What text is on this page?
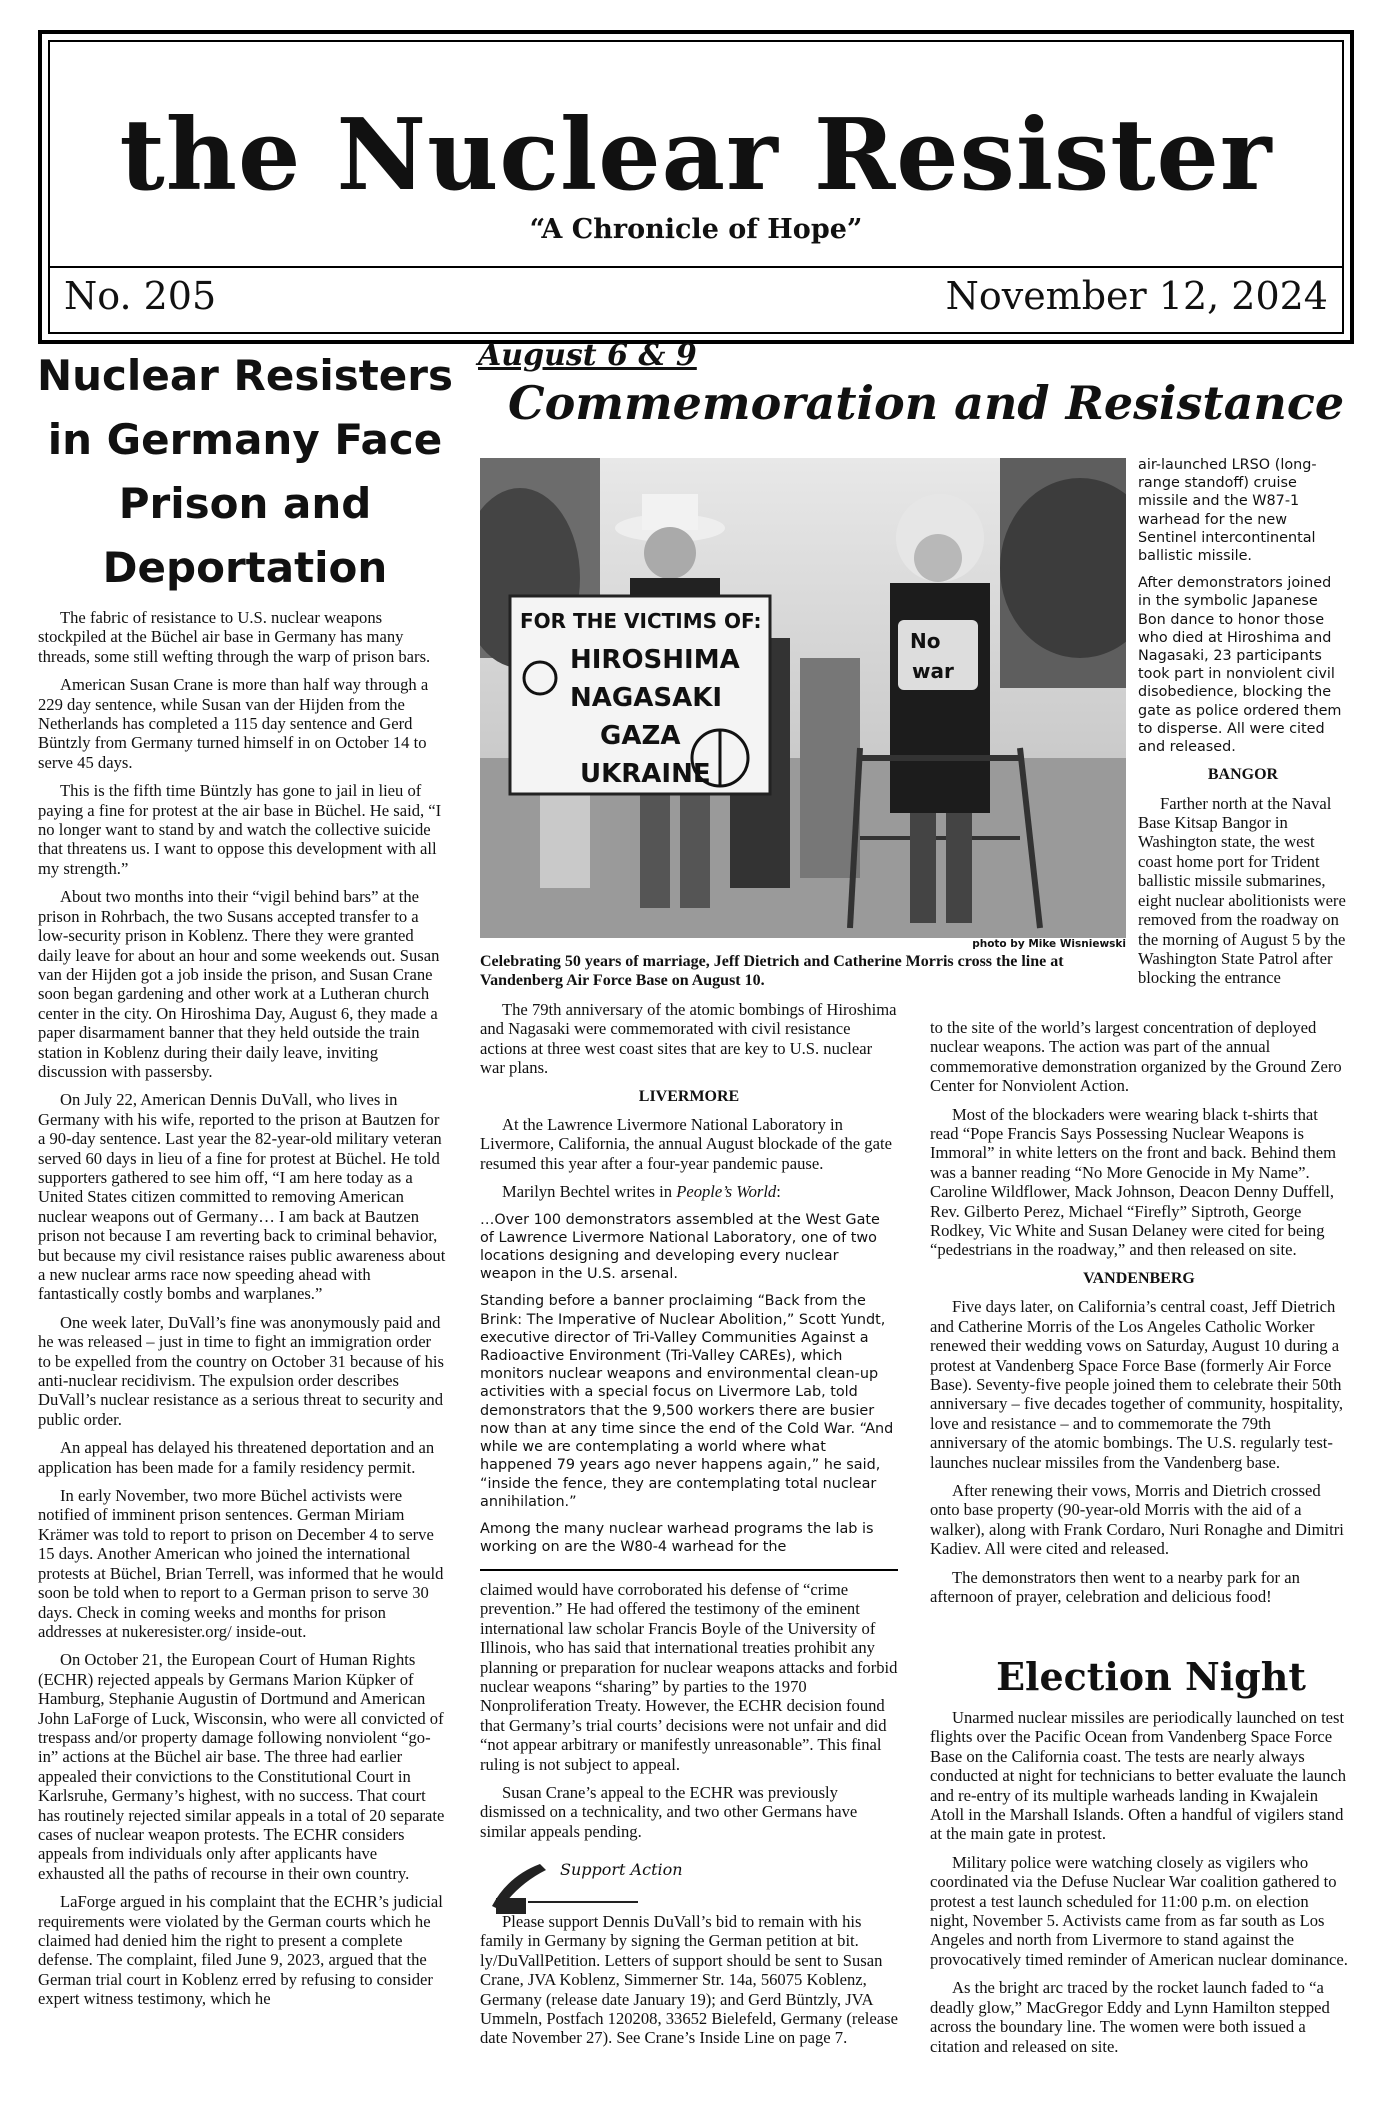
the Nuclear Resister
“A Chronicle of Hope”
No. 205	November 12, 2024
Nuclear Resisters in Germany Face Prison and Deportation

The fabric of resistance to U.S. nuclear weapons stockpiled at the Büchel air base in Germany has many threads, some still wefting through the warp of prison bars.

American Susan Crane is more than half way through a 229 day sentence, while Susan van der Hijden from the Netherlands has completed a 115 day sentence and Gerd Büntzly from Germany turned himself in on October 14 to serve 45 days.

This is the fifth time Büntzly has gone to jail in lieu of paying a fine for protest at the air base in Büchel. He said, “I no longer want to stand by and watch the collective suicide that threatens us. I want to oppose this development with all my strength.”

About two months into their “vigil behind bars” at the prison in Rohrbach, the two Susans accepted transfer to a low-security prison in Koblenz. There they were granted daily leave for about an hour and some weekends out. Susan van der Hijden got a job inside the prison, and Susan Crane soon began gardening and other work at a Lutheran church center in the city. On Hiroshima Day, August 6, they made a paper disarmament banner that they held outside the train station in Koblenz during their daily leave, inviting discussion with passersby.

On July 22, American Dennis DuVall, who lives in Germany with his wife, reported to the prison at Bautzen for a 90-day sentence. Last year the 82-year-old military veteran served 60 days in lieu of a fine for protest at Büchel. He told supporters gathered to see him off, “I am here today as a United States citizen committed to removing American nuclear weapons out of Germany… I am back at Bautzen prison not because I am reverting back to criminal behavior, but because my civil resistance raises public awareness about a new nuclear arms race now speeding ahead with fantastically costly bombs and warplanes.”

One week later, DuVall’s fine was anonymously paid and he was released – just in time to fight an immigration order to be expelled from the country on October 31 because of his anti-nuclear recidivism. The expulsion order describes DuVall’s nuclear resistance as a serious threat to security and public order.

An appeal has delayed his threatened deportation and an application has been made for a family residency permit.

In early November, two more Büchel activists were notified of imminent prison sentences. German Miriam Krämer was told to report to prison on December 4 to serve 15 days. Another American who joined the international protests at Büchel, Brian Terrell, was informed that he would soon be told when to report to a German prison to serve 30 days. Check in coming weeks and months for prison addresses at nukeresister.org/ inside-out.

On October 21, the European Court of Human Rights (ECHR) rejected appeals by Germans Marion Küpker of Hamburg, Stephanie Augustin of Dortmund and American John LaForge of Luck, Wisconsin, who were all convicted of trespass and/or property damage following nonviolent “go-in” actions at the Büchel air base. The three had earlier appealed their convictions to the Constitutional Court in Karlsruhe, Germany’s highest, with no success. That court has routinely rejected similar appeals in a total of 20 separate cases of nuclear weapon protests. The ECHR considers appeals from individuals only after applicants have exhausted all the paths of recourse in their own country.

LaForge argued in his complaint that the ECHR’s judicial requirements were violated by the German courts which he claimed had denied him the right to present a complete defense. The complaint, filed June 9, 2023, argued that the German trial court in Koblenz erred by refusing to consider expert witness testimony, which he

August 6 & 9
Commemoration and Resistance
FOR THE VICTIMS OF:
HIROSHIMA
NAGASAKI
GAZA
UKRAINE
No
war
photo by Mike Wisniewski
Celebrating 50 years of marriage, Jeff Dietrich and Catherine Morris cross the line at Vandenberg Air Force Base on August 10.

The 79th anniversary of the atomic bombings of Hiroshima and Nagasaki were commemorated with civil resistance actions at three west coast sites that are key to U.S. nuclear war plans.

LIVERMORE

At the Lawrence Livermore National Laboratory in Livermore, California, the annual August blockade of the gate resumed this year after a four-year pandemic pause.

Marilyn Bechtel writes in People’s World:

…Over 100 demonstrators assembled at the West Gate of Lawrence Livermore National Laboratory, one of two locations designing and developing every nuclear weapon in the U.S. arsenal.

Standing before a banner proclaiming “Back from the Brink: The Imperative of Nuclear Abolition,” Scott Yundt, executive director of Tri-Valley Communities Against a Radioactive Environment (Tri-Valley CAREs), which monitors nuclear weapons and environmental clean-up activities with a special focus on Livermore Lab, told demonstrators that the 9,500 workers there are busier now than at any time since the end of the Cold War. “And while we are contemplating a world where what happened 79 years ago never happens again,” he said, “inside the fence, they are contemplating total nuclear annihilation.”

Among the many nuclear warhead programs the lab is working on are the W80-4 warhead for the

claimed would have corroborated his defense of “crime prevention.” He had offered the testimony of the eminent international law scholar Francis Boyle of the University of Illinois, who has said that international treaties prohibit any planning or preparation for nuclear weapons attacks and forbid nuclear weapons “sharing” by parties to the 1970 Nonproliferation Treaty. However, the ECHR decision found that Germany’s trial courts’ decisions were not unfair and did “not appear arbitrary or manifestly unreasonable”. This final ruling is not subject to appeal.

Susan Crane’s appeal to the ECHR was previously dismissed on a technicality, and two other Germans have similar appeals pending.

Support Action

Please support Dennis DuVall’s bid to remain with his family in Germany by signing the German petition at bit. ly/DuVallPetition. Letters of support should be sent to Susan Crane, JVA Koblenz, Simmerner Str. 14a, 56075 Koblenz, Germany (release date January 19); and Gerd Büntzly, JVA Ummeln, Postfach 120208, 33652 Bielefeld, Germany (release date November 27). See Crane’s Inside Line on page 7.

air-launched LRSO (long-range standoff) cruise missile and the W87-1 warhead for the new Sentinel intercontinental ballistic missile.

After demonstrators joined in the symbolic Japanese Bon dance to honor those who died at Hiroshima and Nagasaki, 23 participants took part in nonviolent civil disobedience, blocking the gate as police ordered them to disperse. All were cited and released.

BANGOR

Farther north at the Naval Base Kitsap Bangor in Washington state, the west coast home port for Trident ballistic missile submarines, eight nuclear abolitionists were removed from the roadway on the morning of August 5 by the Washington State Patrol after blocking the entrance

to the site of the world’s largest concentration of deployed nuclear weapons. The action was part of the annual commemorative demonstration organized by the Ground Zero Center for Nonviolent Action.

Most of the blockaders were wearing black t-shirts that read “Pope Francis Says Possessing Nuclear Weapons is Immoral” in white letters on the front and back. Behind them was a banner reading “No More Genocide in My Name”. Caroline Wildflower, Mack Johnson, Deacon Denny Duffell, Rev. Gilberto Perez, Michael “Firefly” Siptroth, George Rodkey, Vic White and Susan Delaney were cited for being “pedestrians in the roadway,” and then released on site.

VANDENBERG

Five days later, on California’s central coast, Jeff Dietrich and Catherine Morris of the Los Angeles Catholic Worker renewed their wedding vows on Saturday, August 10 during a protest at Vandenberg Space Force Base (formerly Air Force Base). Seventy-five people joined them to celebrate their 50th anniversary – five decades together of community, hospitality, love and resistance – and to commemorate the 79th anniversary of the atomic bombings. The U.S. regularly test-launches nuclear missiles from the Vandenberg base.

After renewing their vows, Morris and Dietrich crossed onto base property (90-year-old Morris with the aid of a walker), along with Frank Cordaro, Nuri Ronaghe and Dimitri Kadiev. All were cited and released.

The demonstrators then went to a nearby park for an afternoon of prayer, celebration and delicious food!

Election Night

Unarmed nuclear missiles are periodically launched on test flights over the Pacific Ocean from Vandenberg Space Force Base on the California coast. The tests are nearly always conducted at night for technicians to better evaluate the launch and re-entry of its multiple warheads landing in Kwajalein Atoll in the Marshall Islands. Often a handful of vigilers stand at the main gate in protest.

Military police were watching closely as vigilers who coordinated via the Defuse Nuclear War coalition gathered to protest a test launch scheduled for 11:00 p.m. on election night, November 5. Activists came from as far south as Los Angeles and north from Livermore to stand against the provocatively timed reminder of American nuclear dominance.

As the bright arc traced by the rocket launch faded to “a deadly glow,” MacGregor Eddy and Lynn Hamilton stepped across the boundary line. The women were both issued a citation and released on site.
